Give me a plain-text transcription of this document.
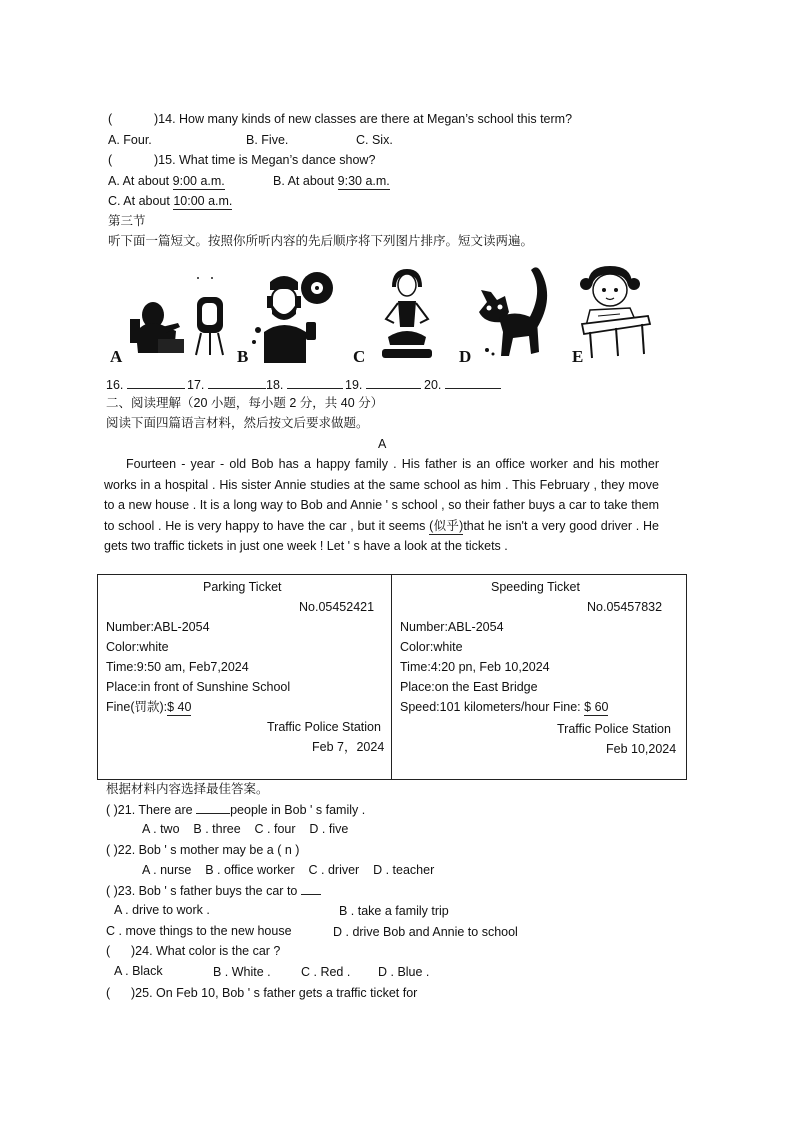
(	)14. How many kinds of new classes are there at Megan’s school this term?
A. Four.	B. Five.	C. Six.
(	)15. What time is Megan’s dance show?
A. At about 9:00 a.m.	B. At about 9:30 a.m.
C. At about 10:00 a.m.
第三节
听下面一篇短文。按照你所听内容的先后顺序将下列图片排序。短文读两遍。
A	B	C	D	E
16.	17.	18.	19.	20.
二、阅读理解（20 小题，每小题 2 分，共 40 分）
阅读下面四篇语言材料，然后按文后要求做题。
A
Fourteen - year - old Bob has a happy family . His father is an office worker and his mother works in a hospital . His sister Annie studies at the same school as him . This February , they move to a new house . It is a long way to Bob and Annie ' s school , so their father buys a car to take them to school . He is very happy to have the car , but it seems (似乎)that he isn't a very good driver . He gets two traffic tickets in just one week ! Let ' s have a look at the tickets .
Parking Ticket
No.05452421
Number:ABL-2054
Color:white
Time:9:50 am, Feb7,2024
Place:in front of Sunshine School
Fine(罚款):$ 40
Traffic Police Station
Feb 7，2024
Speeding Ticket
No.05457832
Number:ABL-2054
Color:white
Time:4:20 pn, Feb 10,2024
Place:on the East Bridge
Speed:101 kilometers/hour Fine: $ 60
Traffic Police Station
Feb 10,2024
根据材料内容选择最佳答案。
( )21. There are	people in Bob ' s family .
A . two    B . three    C . four    D . five
( )22. Bob ' s mother may be a ( n )
A . nurse    B . office worker    C . driver    D . teacher
( )23. Bob ' s father buys the car to
A . drive to work .	B . take a family trip
C . move things to the new house	D . drive Bob and Annie to school
(      )24. What color is the car ?
A . Black	B . White . C . Red . D . Blue .
(      )25. On Feb 10, Bob ' s father gets a traffic ticket for
